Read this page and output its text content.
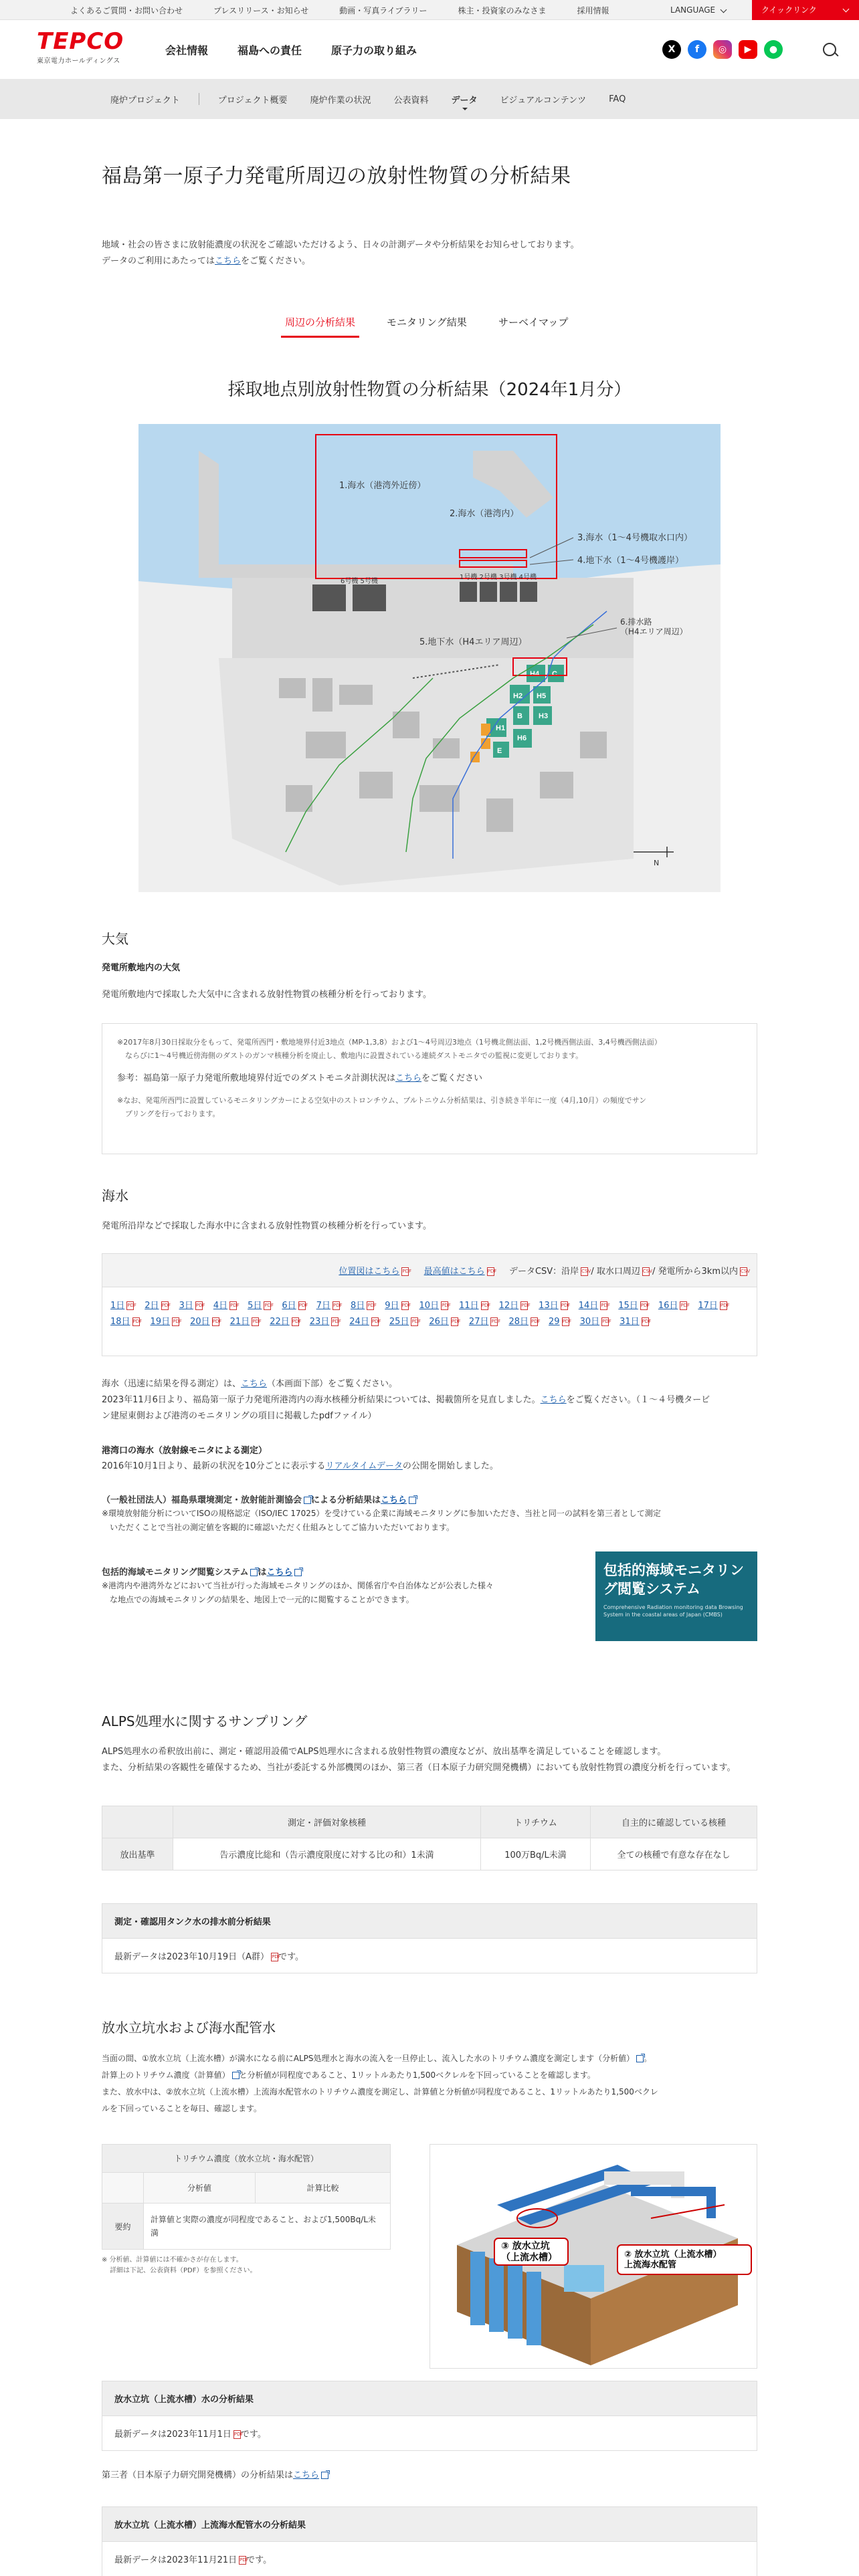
よくあるご質問・お問い合わせ	プレスリリース・お知らせ	動画・写真ライブラリー	株主・投資家のみなさま	採用情報	LANGUAGE	クイックリンク
TEPCO
東京電力ホールディングス
会社情報	福島への責任	原子力の取り組み	X	f	◎	▶	●
廃炉プロジェクト	プロジェクト概要	廃炉作業の状況	公表資料	データ	ビジュアルコンテンツ	FAQ
福島第一原子力発電所周辺の放射性物質の分析結果
地域・社会の皆さまに放射能濃度の状況をご確認いただけるよう、日々の計測データや分析結果をお知らせしております。
データのご利用にあたってはこちらをご覧ください。
周辺の分析結果	モニタリング結果	サーベイマップ
採取地点別放射性物質の分析結果（2024年1月分）
H4
H1
H2
H3
H5
H6
C
E
B
1.海水（港湾外近傍）
2.海水（港湾内）
3.海水（1～4号機取水口内）
4.地下水（1～4号機護岸）
5.地下水（H4エリア周辺）
6.排水路（H4エリア周辺）
6号機 5号機
1号機 2号機 3号機 4号機
N
大気
発電所敷地内の大気
発電所敷地内で採取した大気中に含まれる放射性物質の核種分析を行っております。
※2017年8月30日採取分をもって、発電所西門・敷地境界付近3地点（MP-1,3,8）および1～4号周辺3地点（1号機北側法面、1,2号機西側法面、3,4号機西側法面）
ならびに1～4号機近傍海側のダストのガンマ核種分析を廃止し、敷地内に設置されている連続ダストモニタでの監視に変更しております。
参考：福島第一原子力発電所敷地境界付近でのダストモニタ計測状況はこちらをご覧ください
※なお、発電所西門に設置しているモニタリングカーによる空気中のストロンチウム、プルトニウム分析結果は、引き続き半年に一度（4月,10月）の頻度でサン
プリングを行っております。
海水
発電所沿岸などで採取した海水中に含まれる放射性物質の核種分析を行っています。
位置図はこちら PDF 最高値はこちら PDF データCSV：沿岸 CSV / 取水口周辺 CSV / 発電所から3km以内 CSV
1日 PDF 2日 PDF 3日 PDF 4日 PDF 5日 PDF 6日 PDF 7日 PDF 8日 PDF 9日 PDF 10日 PDF 11日 PDF 12日 PDF 13日 PDF 14日 PDF 15日 PDF 16日 PDF 17日 PDF18日 PDF 19日 PDF 20日 PDF 21日 PDF 22日 PDF 23日 PDF 24日 PDF 25日 PDF 26日 PDF 27日 PDF 28日 PDF 29 PDF 30日 PDF 31日 PDF
海水（迅速に結果を得る測定）は、こちら（本画面下部）をご覧ください。
2023年11月6日より、福島第一原子力発電所港湾内の海水核種分析結果については、掲載箇所を見直しました。こちらをご覧ください。（１～４号機タービ
ン建屋東側および港湾のモニタリングの項目に掲載したpdfファイル）
港湾口の海水（放射線モニタによる測定）
2016年10月1日より、最新の状況を10分ごとに表示するリアルタイムデータの公開を開始しました。
（一般社団法人）福島県環境測定・放射能計測協会 による分析結果はこちら
※環境放射能分析についてISOの規格認定（ISO/IEC 17025）を受けている企業に海域モニタリングに参加いただき、当社と同一の試料を第三者として測定
いただくことで当社の測定値を客観的に確認いただく仕組みとしてご協力いただいております。
包括的海域モニタリング閲覧システム はこちら
※港湾内や港湾外などにおいて当社が行った海域モニタリングのほか、関係省庁や自治体などが公表した様々
な地点での海域モニタリングの結果を、地図上で一元的に閲覧することができます。
包括的海域モニタリング閲覧システム
Comprehensive Radiation monitoring data Browsing System in the coastal areas of Japan (CMBS)
ALPS処理水に関するサンプリング
ALPS処理水の希釈放出前に、測定・確認用設備でALPS処理水に含まれる放射性物質の濃度などが、放出基準を満足していることを確認します。
また、分析結果の客観性を確保するため、当社が委託する外部機関のほか、第三者（日本原子力研究開発機構）においても放射性物質の濃度分析を行っています。
	測定・評価対象核種	トリチウム	自主的に確認している核種
放出基準	告示濃度比総和（告示濃度限度に対する比の和）1未満	100万Bq/L未満	全ての核種で有意な存在なし
測定・確認用タンク水の排水前分析結果
最新データは2023年10月19日（A群） PDFです。
放水立坑水および海水配管水
当面の間、①放水立坑（上流水槽）が満水になる前にALPS処理水と海水の流入を一旦停止し、流入した水のトリチウム濃度を測定します（分析値） 。
計算上のトリチウム濃度（計算値） と分析値が同程度であること、1リットルあたり1,500ベクレルを下回っていることを確認します。
また、放水中は、②放水立坑（上流水槽）上流海水配管水のトリチウム濃度を測定し、計算値と分析値が同程度であること、1リットルあたり1,500ベクレ
ルを下回っていることを毎日、確認します。
トリチウム濃度（放水立坑・海水配管）		
	分析値	計算比較
要約	計算値と実際の濃度が同程度であること、および1,500Bq/L未満	
※ 分析値、計算値には不確かさが存在します。
詳細は下記、公表資料（PDF）を参照ください。
③ 放水立坑（上流水槽）	② 放水立坑（上流水槽）上流海水配管
放水立坑（上流水槽）水の分析結果
最新データは2023年11月1日 PDFです。
第三者（日本原子力研究開発機構）の分析結果はこちら
放水立坑（上流水槽）上流海水配管水の分析結果
最新データは2023年11月21日 PDFです。
